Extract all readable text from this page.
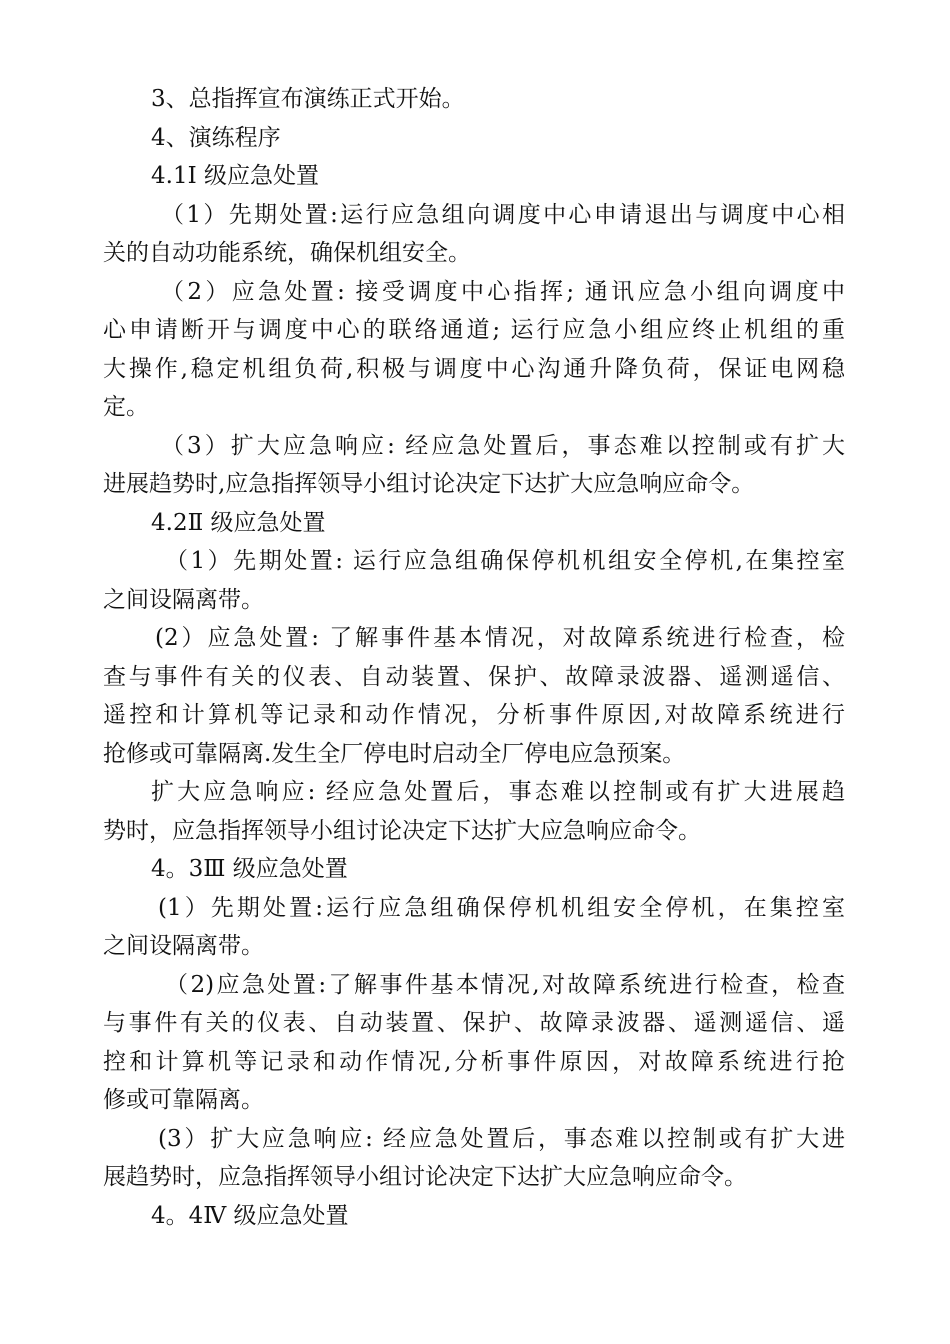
3、总指挥宣布演练正式开始。
4、演练程序
4.1Ⅰ 级应急处置
（1）先期处置:运行应急组向调度中心申请退出与调度中心相
关的自动功能系统，确保机组安全。
（2）应急处置: 接受调度中心指挥; 通讯应急小组向调度中
心申请断开与调度中心的联络通道; 运行应急小组应终止机组的重
大操作,稳定机组负荷,积极与调度中心沟通升降负荷，保证电网稳
定。
（3）扩大应急响应: 经应急处置后，事态难以控制或有扩大
进展趋势时,应急指挥领导小组讨论决定下达扩大应急响应命令。
4.2Ⅱ 级应急处置
（1）先期处置: 运行应急组确保停机机组安全停机,在集控室
之间设隔离带。
(2）应急处置: 了解事件基本情况，对故障系统进行检查，检
查与事件有关的仪表、自动装置、保护、故障录波器、遥测遥信、
遥控和计算机等记录和动作情况，分析事件原因,对故障系统进行
抢修或可靠隔离.发生全厂停电时启动全厂停电应急预案。
扩大应急响应: 经应急处置后，事态难以控制或有扩大进展趋
势时，应急指挥领导小组讨论决定下达扩大应急响应命令。
4。3Ⅲ 级应急处置
(1）先期处置:运行应急组确保停机机组安全停机，在集控室
之间设隔离带。
（2)应急处置:了解事件基本情况,对故障系统进行检查，检查
与事件有关的仪表、自动装置、保护、故障录波器、遥测遥信、遥
控和计算机等记录和动作情况,分析事件原因，对故障系统进行抢
修或可靠隔离。
(3）扩大应急响应: 经应急处置后，事态难以控制或有扩大进
展趋势时，应急指挥领导小组讨论决定下达扩大应急响应命令。
4。4Ⅳ 级应急处置
